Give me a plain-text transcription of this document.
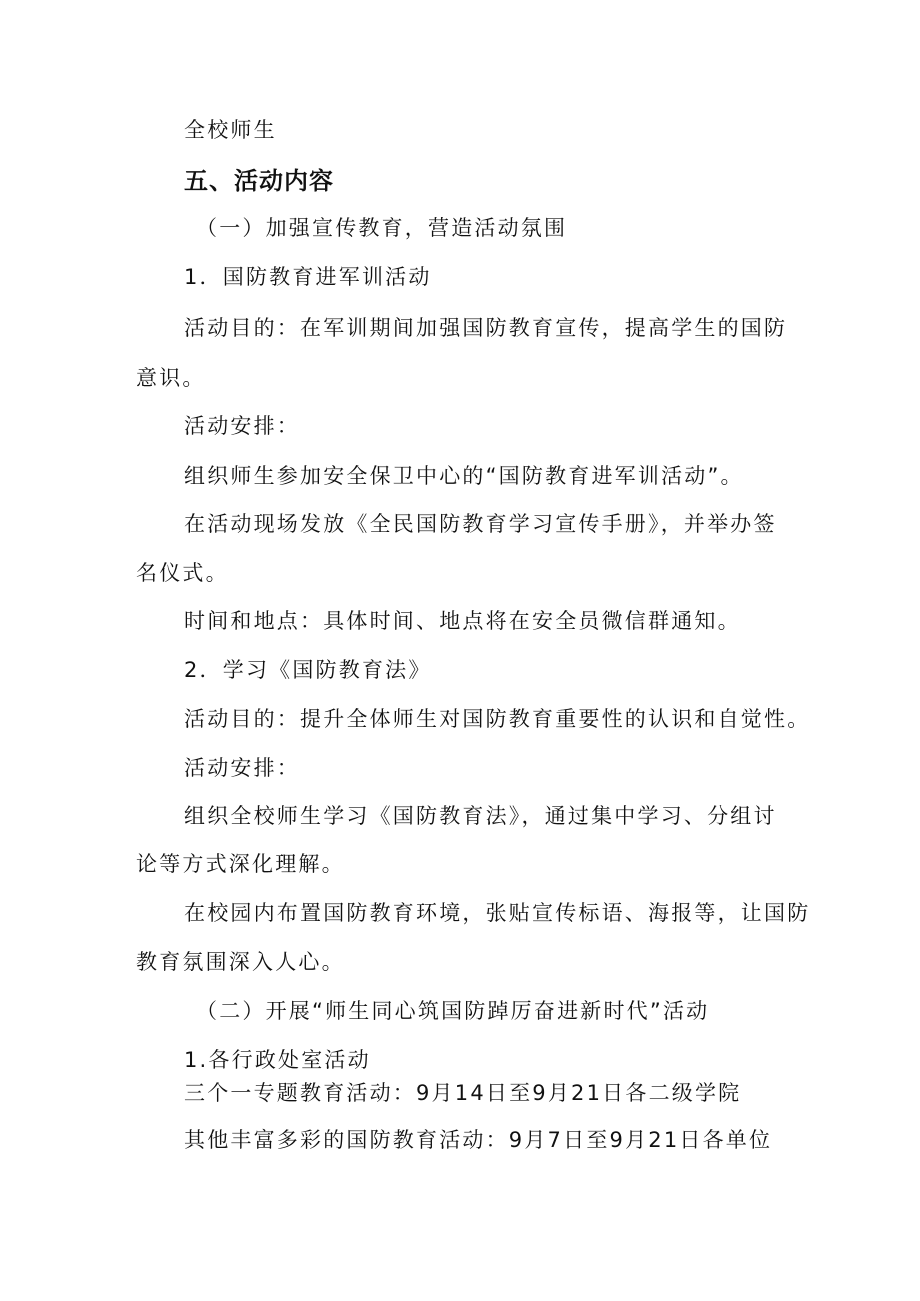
全校师生
五、活动内容
（一）加强宣传教育，营造活动氛围
1．国防教育进军训活动
活动目的：在军训期间加强国防教育宣传，提高学生的国防
意识。
活动安排：
组织师生参加安全保卫中心的“国防教育进军训活动”。
在活动现场发放《全民国防教育学习宣传手册》，并举办签
名仪式。
时间和地点：具体时间、地点将在安全员微信群通知。
2．学习《国防教育法》
活动目的：提升全体师生对国防教育重要性的认识和自觉性。
活动安排：
组织全校师生学习《国防教育法》，通过集中学习、分组讨
论等方式深化理解。
在校园内布置国防教育环境，张贴宣传标语、海报等，让国防
教育氛围深入人心。
（二）开展“师生同心筑国防踔厉奋进新时代”活动
1.各行政处室活动
三个一专题教育活动：9月14日至9月21日各二级学院
其他丰富多彩的国防教育活动：9月7日至9月21日各单位
